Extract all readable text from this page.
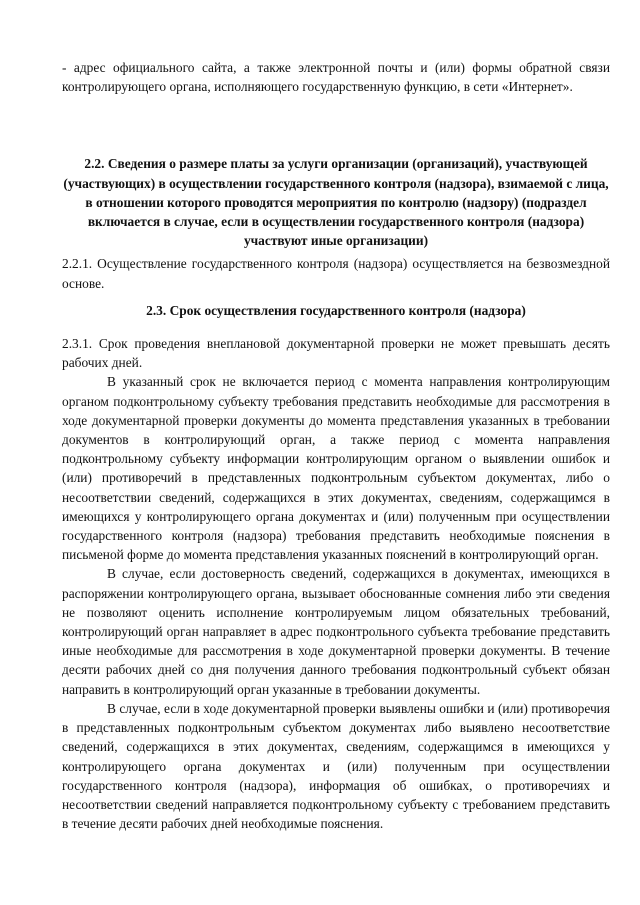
- адрес официального сайта, а также электронной почты и (или) формы обратной связи контролирующего органа, исполняющего государственную функцию, в сети «Интернет».

2.2. Сведения о размере платы за услуги организации (организаций), участвующей (участвующих) в осуществлении государственного контроля (надзора), взимаемой с лица, в отношении которого проводятся мероприятия по контролю (надзору) (подраздел включается в случае, если в осуществлении государственного контроля (надзора) участвуют иные организации)

2.2.1. Осуществление государственного контроля (надзора) осуществляется на безвозмездной основе.

2.3. Срок осуществления государственного контроля (надзора)

2.3.1. Срок проведения внеплановой документарной проверки не может превышать десять рабочих дней.

В указанный срок не включается период с момента направления контролирующим органом подконтрольному субъекту требования представить необходимые для рассмотрения в ходе документарной проверки документы до момента представления указанных в требовании документов в контролирующий орган, а также период с момента направления подконтрольному субъекту информации контролирующим органом о выявлении ошибок и (или) противоречий в представленных подконтрольным субъектом документах, либо о несоответствии сведений, содержащихся в этих документах, сведениям, содержащимся в имеющихся у контролирующего органа документах и (или) полученным при осуществлении государственного контроля (надзора) требования представить необходимые пояснения в письменой форме до момента представления указанных пояснений в контролирующий орган.

В случае, если достоверность сведений, содержащихся в документах, имеющихся в распоряжении контролирующего органа, вызывает обоснованные сомнения либо эти сведения не позволяют оценить исполнение контролируемым лицом обязательных требований, контролирующий орган направляет в адрес подконтрольного субъекта требование представить иные необходимые для рассмотрения в ходе документарной проверки документы. В течение десяти рабочих дней со дня получения данного требования подконтрольный субъект обязан направить в контролирующий орган указанные в требовании документы.

В случае, если в ходе документарной проверки выявлены ошибки и (или) противоречия в представленных подконтрольным субъектом документах либо выявлено несоответствие сведений, содержащихся в этих документах, сведениям, содержащимся в имеющихся у контролирующего органа документах и (или) полученным при осуществлении государственного контроля (надзора), информация об ошибках, о противоречиях и несоответствии сведений направляется подконтрольному субъекту с требованием представить в течение десяти рабочих дней необходимые пояснения.
